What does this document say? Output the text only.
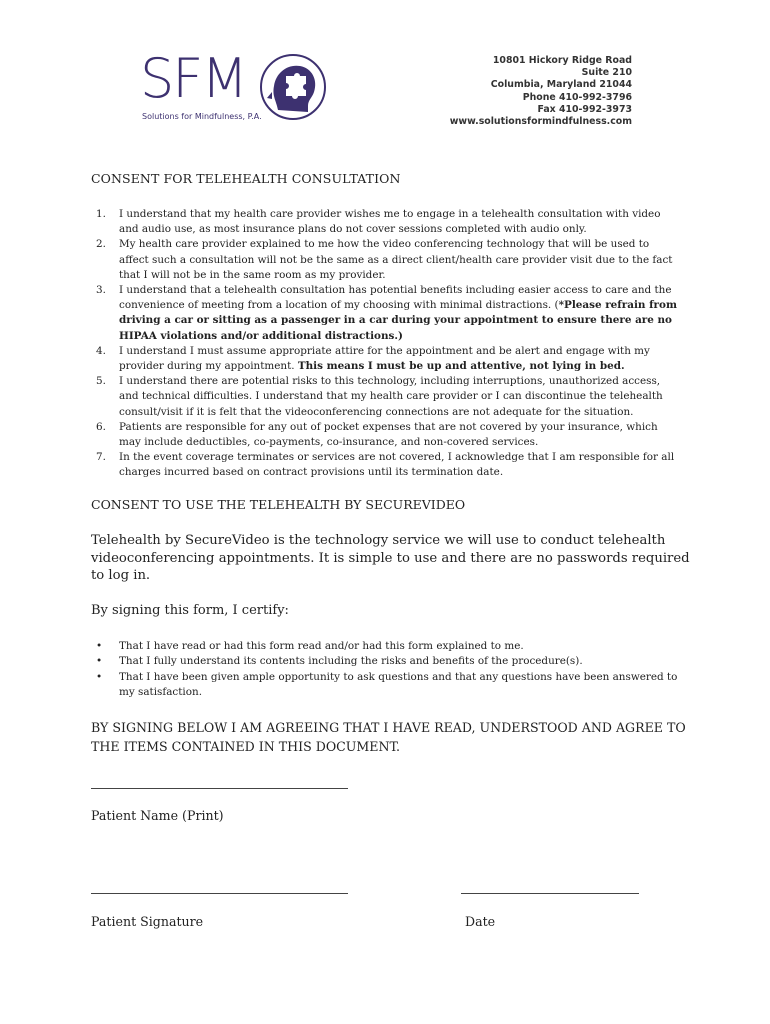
SFM
Solutions for Mindfulness, P.A.
10801 Hickory Ridge Road
Suite 210
Columbia, Maryland 21044
Phone 410-992-3796
Fax 410-992-3973
www.solutionsformindfulness.com
CONSENT FOR TELEHEALTH CONSULTATION
1. I understand that my health care provider wishes me to engage in a telehealth consultation with video and audio use, as most insurance plans do not cover sessions completed with audio only.
2. My health care provider explained to me how the video conferencing technology that will be used to affect such a consultation will not be the same as a direct client/health care provider visit due to the fact that I will not be in the same room as my provider.
3. I understand that a telehealth consultation has potential benefits including easier access to care and the convenience of meeting from a location of my choosing with minimal distractions. (*Please refrain from driving a car or sitting as a passenger in a car during your appointment to ensure there are no HIPAA violations and/or additional distractions.)
4. I understand I must assume appropriate attire for the appointment and be alert and engage with my provider during my appointment. This means I must be up and attentive, not lying in bed.
5. I understand there are potential risks to this technology, including interruptions, unauthorized access, and technical difficulties. I understand that my health care provider or I can discontinue the telehealth consult/visit if it is felt that the videoconferencing connections are not adequate for the situation.
6. Patients are responsible for any out of pocket expenses that are not covered by your insurance, which may include deductibles, co-payments, co-insurance, and non-covered services.
7. In the event coverage terminates or services are not covered, I acknowledge that I am responsible for all charges incurred based on contract provisions until its termination date.
CONSENT TO USE THE TELEHEALTH BY SECUREVIDEO
Telehealth by SecureVideo is the technology service we will use to conduct telehealth videoconferencing appointments. It is simple to use and there are no passwords required to log in.
By signing this form, I certify:
• That I have read or had this form read and/or had this form explained to me.
• That I fully understand its contents including the risks and benefits of the procedure(s).
• That I have been given ample opportunity to ask questions and that any questions have been answered to my satisfaction.
BY SIGNING BELOW I AM AGREEING THAT I HAVE READ, UNDERSTOOD AND AGREE TO THE ITEMS CONTAINED IN THIS DOCUMENT.
Patient Name (Print)
Patient Signature	Date
